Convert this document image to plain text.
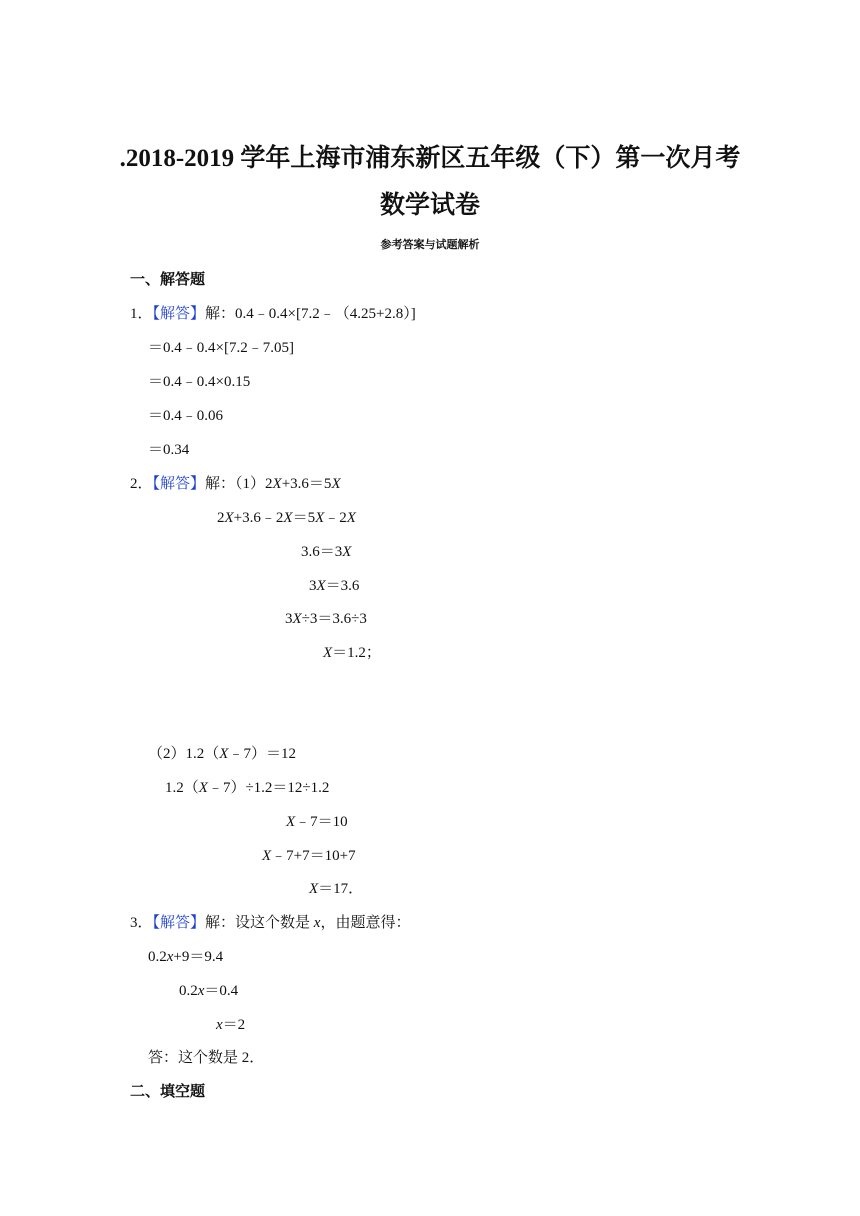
.2018-2019 学年上海市浦东新区五年级（下）第一次月考
数学试卷
参考答案与试题解析
一、解答题
1．【解答】解：0.4﹣0.4×[7.2﹣（4.25+2.8）]
＝0.4﹣0.4×[7.2﹣7.05]
＝0.4﹣0.4×0.15
＝0.4﹣0.06
＝0.34
2．【解答】解：（1）2X+3.6＝5X
2X+3.6﹣2X＝5X﹣2X
3.6＝3X
3X＝3.6
3X÷3＝3.6÷3
X＝1.2；
（2）1.2（X﹣7）＝12
1.2（X﹣7）÷1.2＝12÷1.2
X﹣7＝10
X﹣7+7＝10+7
X＝17．
3．【解答】解：设这个数是 x，由题意得：
0.2x+9＝9.4
0.2x＝0.4
x＝2
答：这个数是 2．
二、填空题
